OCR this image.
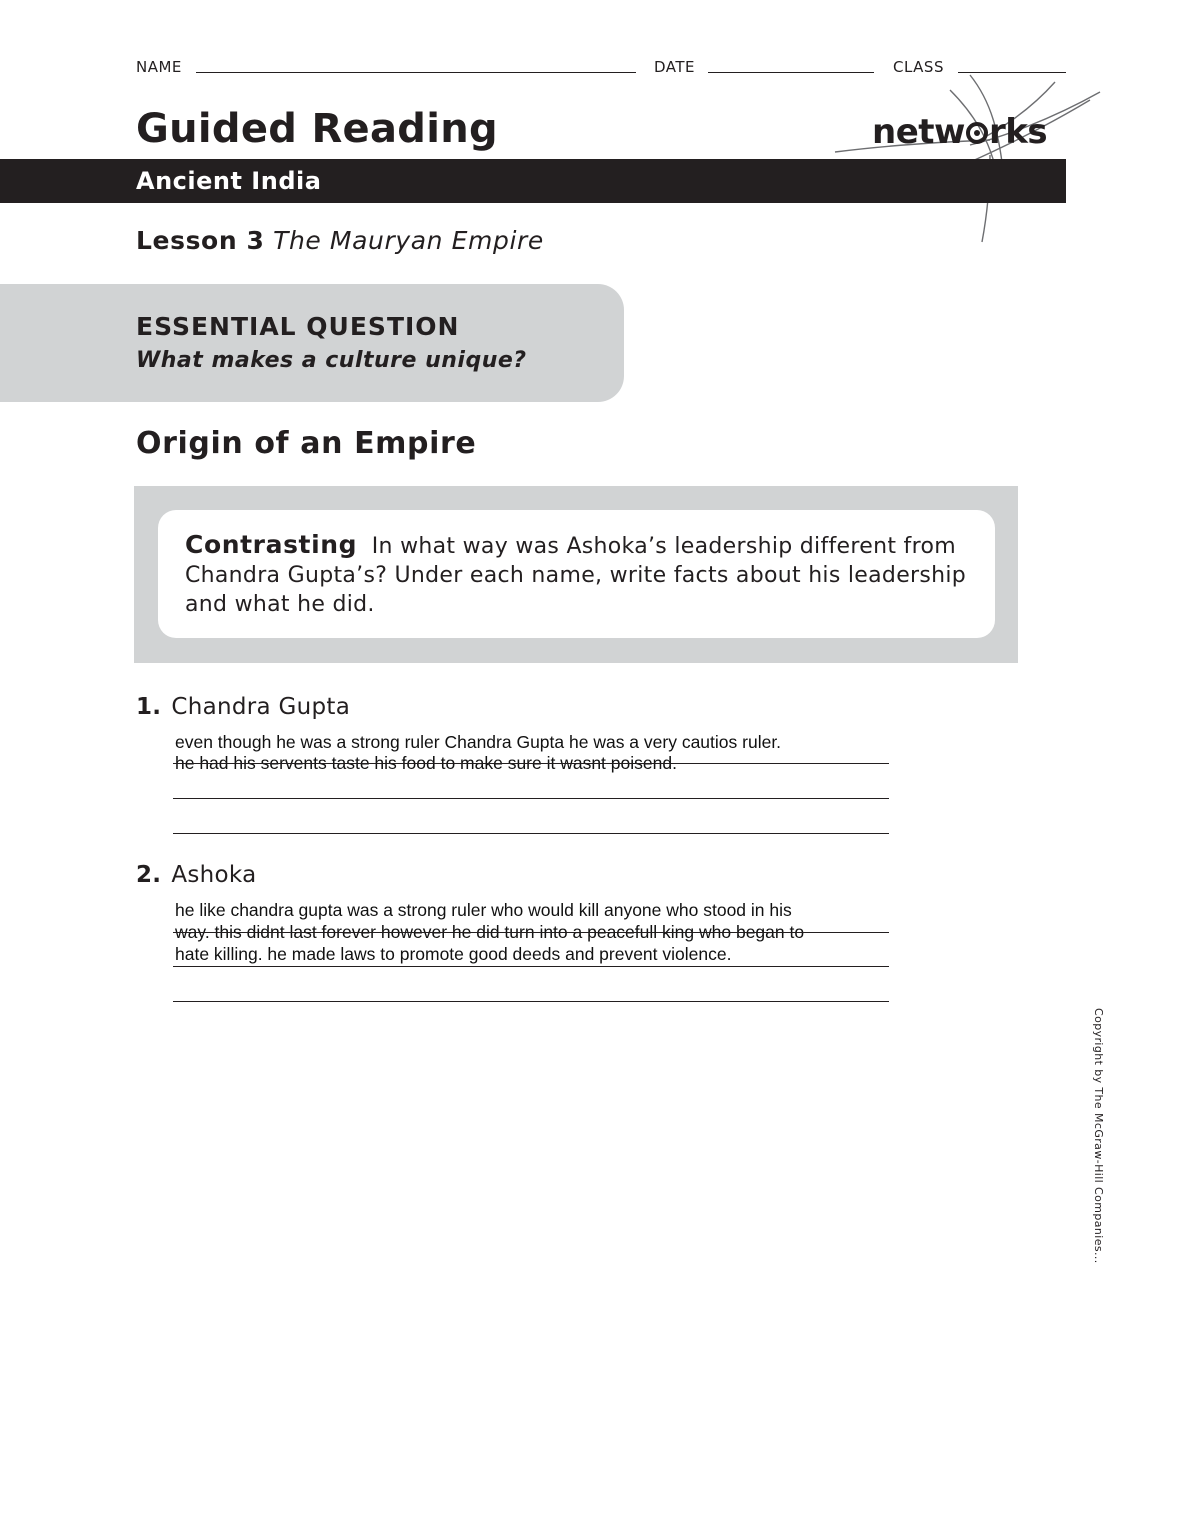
NAME	DATE	CLASS
Guided Reading	netw rks
Ancient India
Lesson 3 The Mauryan Empire
ESSENTIAL QUESTION
What makes a culture unique?
Origin of an Empire
Contrasting In what way was Ashoka’s leadership different from Chandra Gupta’s? Under each name, write facts about his leadership and what he did.
1. Chandra Gupta
even though he was a strong ruler Chandra Gupta he was a very cautios ruler.
he had his servents taste his food to make sure it wasnt poisend.
2. Ashoka
he like chandra gupta was a strong ruler who would kill anyone who stood in his
way. this didnt last forever however he did turn into a peacefull king who began to
hate killing. he made laws to promote good deeds and prevent violence.
Copyright by The McGraw-Hill Companies...
